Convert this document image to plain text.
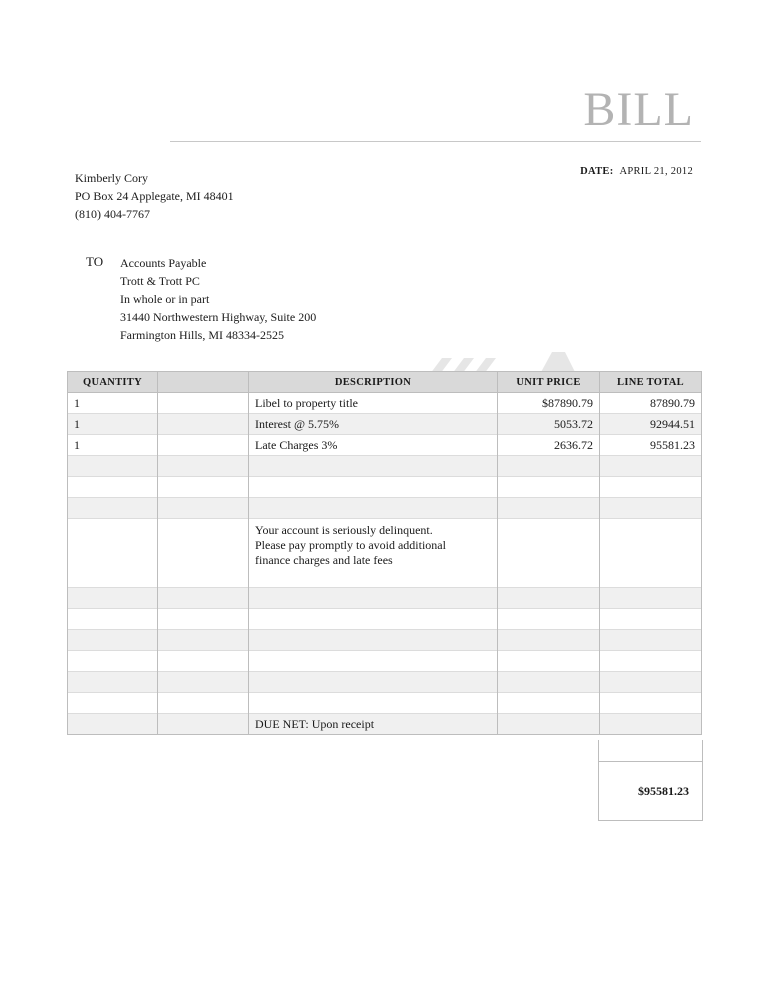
BILL
DATE: APRIL 21, 2012
Kimberly Cory
PO Box 24 Applegate, MI 48401
(810) 404-7767
TO Accounts Payable
Trott & Trott PC
In whole or in part
31440 Northwestern Highway, Suite 200
Farmington Hills, MI 48334-2525
QUANTITY		DESCRIPTION	UNIT PRICE	LINE TOTAL
1		Libel to property title	$87890.79	87890.79
1		Interest @ 5.75%	5053.72	92944.51
1		Late Charges 3%	2636.72	95581.23

		Your account is seriously delinquent.
Please pay promptly to avoid additional
finance charges and late fees		

		DUE NET: Upon receipt		
$95581.23
